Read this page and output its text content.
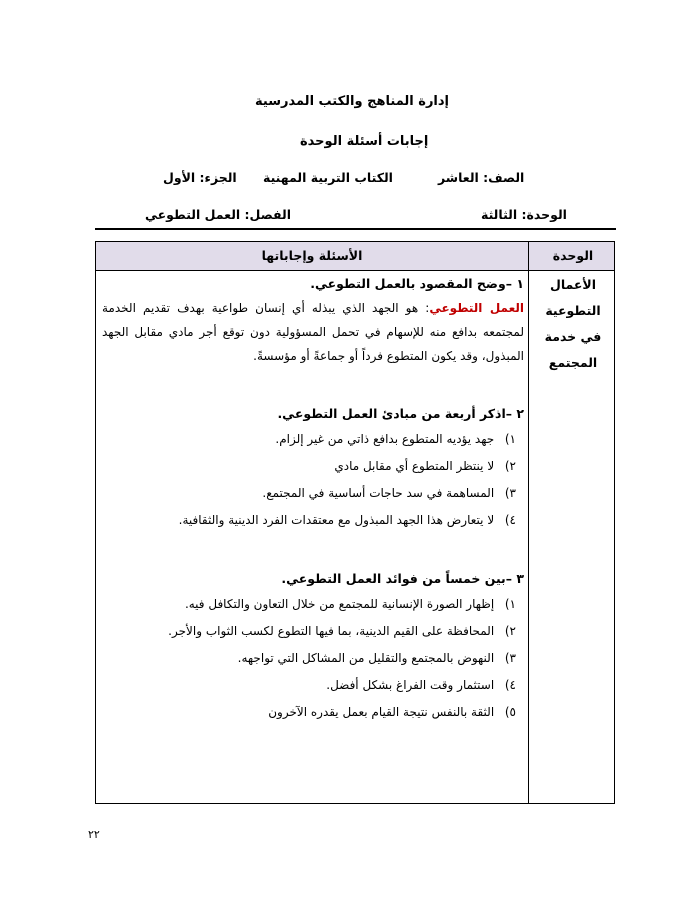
إدارة المناهج والكتب المدرسية
إجابات أسئلة الوحدة
الصف: العاشر
الكتاب التربية المهنية
الجزء: الأول
الوحدة: الثالثة
الفصل: العمل التطوعي
الوحدة
الأسئلة وإجاباتها
الأعمال التطوعية في خدمة المجتمع

١ –وضح المقصود بالعمل التطوعي.

العمل التطوعي: هو الجهد الذي يبذله أي إنسان طواعية بهدف تقديم الخدمة لمجتمعه بدافع منه للإسهام في تحمل المسؤولية دون توقع أجر مادي مقابل الجهد المبذول، وقد يكون المتطوع فرداً أو جماعةً أو مؤسسةً.

٢ –اذكر أربعة من مبادئ العمل التطوعي.

١) جهد يؤديه المتطوع بدافع ذاتي من غير إلزام.
٢) لا ينتظر المتطوع أي مقابل مادي
٣) المساهمة في سد حاجات أساسية في المجتمع.
٤) لا يتعارض هذا الجهد المبذول مع معتقدات الفرد الدينية والثقافية.

٣ –بين خمساً من فوائد العمل التطوعي.

١) إظهار الصورة الإنسانية للمجتمع من خلال التعاون والتكافل فيه.
٢) المحافظة على القيم الدينية، بما فيها التطوع لكسب الثواب والأجر.
٣) النهوض بالمجتمع والتقليل من المشاكل التي تواجهه.
٤) استثمار وقت الفراغ بشكل أفضل.
٥) الثقة بالنفس نتيجة القيام بعمل يقدره الآخرون
٢٢
